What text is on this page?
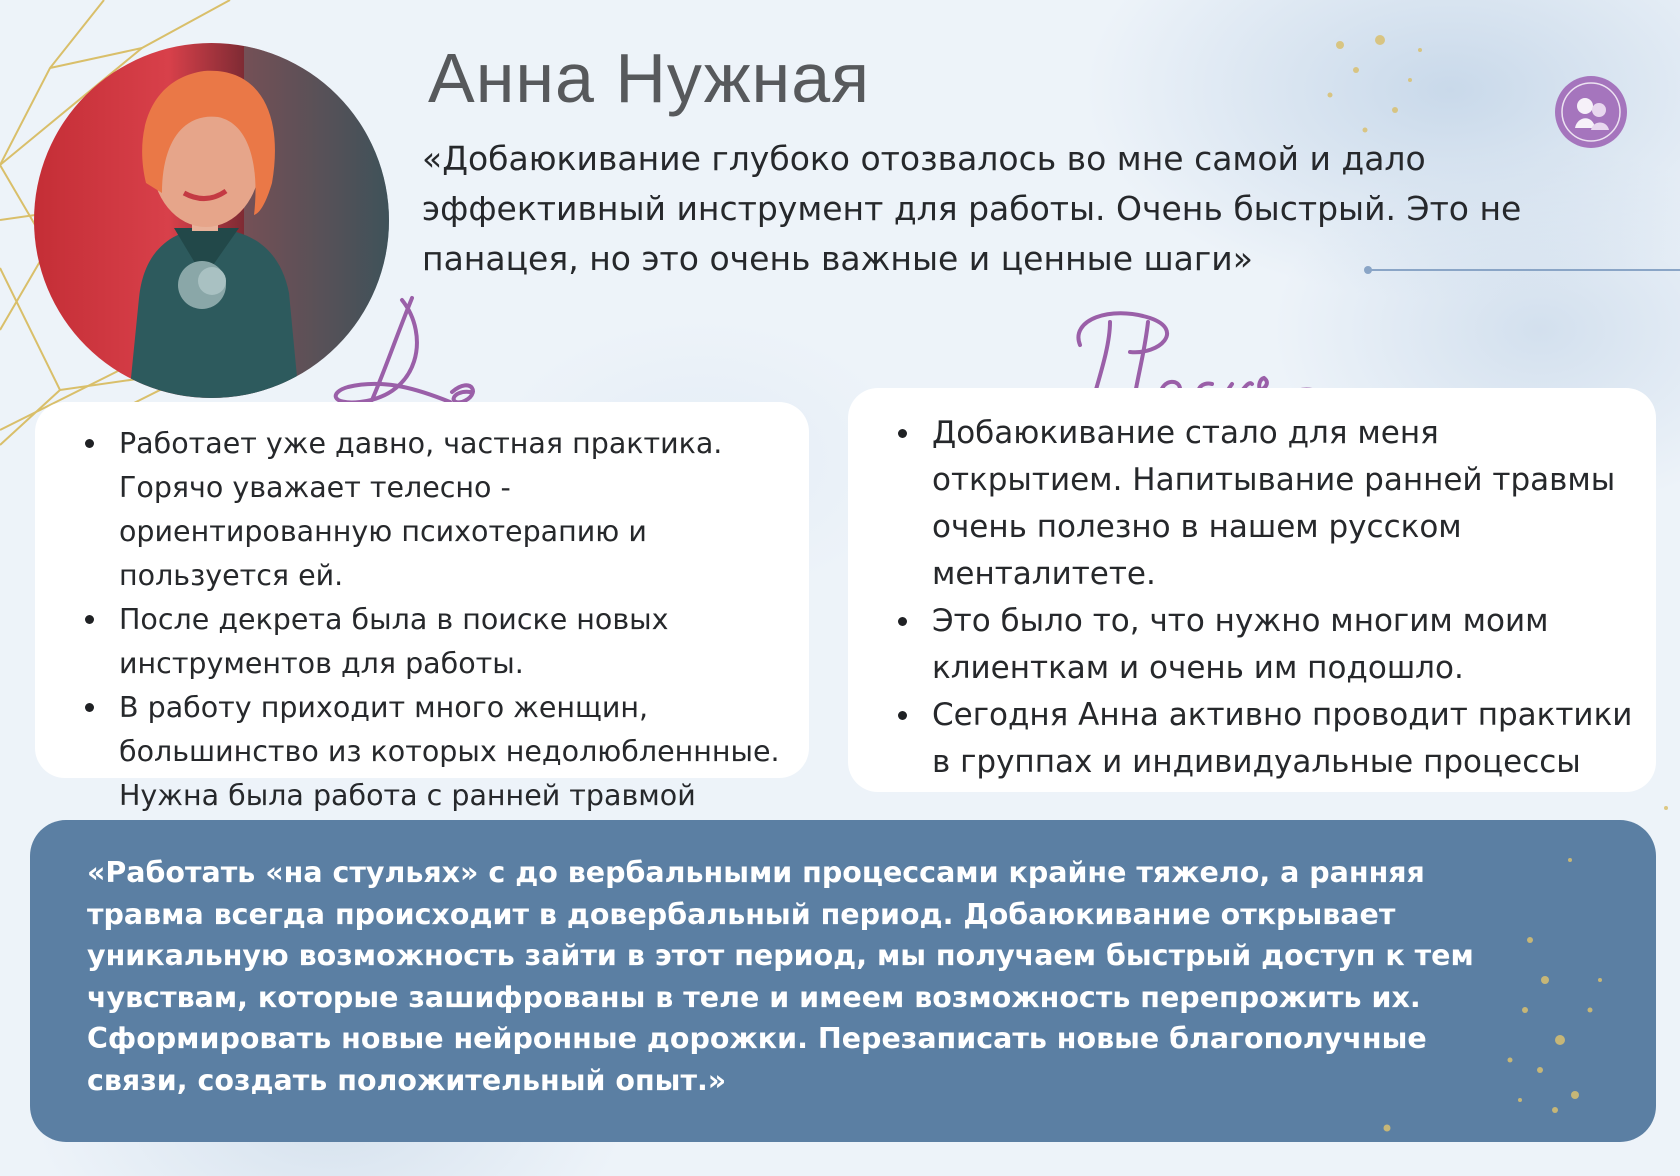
Анна Нужная

«Добаюкивание глубоко отозвалось во мне самой и дало эффективный инструмент для работы. Очень быстрый. Это не панацея, но это очень важные и ценные шаги»

Работает уже давно, частная практика. Горячо уважает телесно - ориентированную психотерапию и пользуется ей.
После декрета была в поиске новых инструментов для работы.
В работу приходит много женщин, большинство из которых недолюбленнные. Нужна была работа с ранней травмой
Добаюкивание стало для меня открытием. Напитывание ранней травмы очень полезно в нашем русском менталитете.
Это было то, что нужно многим моим клиенткам и очень им подошло.
Сегодня Анна активно проводит практики в группах и индивидуальные процессы

«Работать «на стульях» с до вербальными процессами крайне тяжело, а ранняя травма всегда происходит в довербальный период. Добаюкивание открывает уникальную возможность зайти в этот период, мы получаем быстрый доступ к тем чувствам, которые зашифрованы в теле и имеем возможность перепрожить их. Сформировать новые нейронные дорожки. Перезаписать новые благополучные связи, создать положительный опыт.»
